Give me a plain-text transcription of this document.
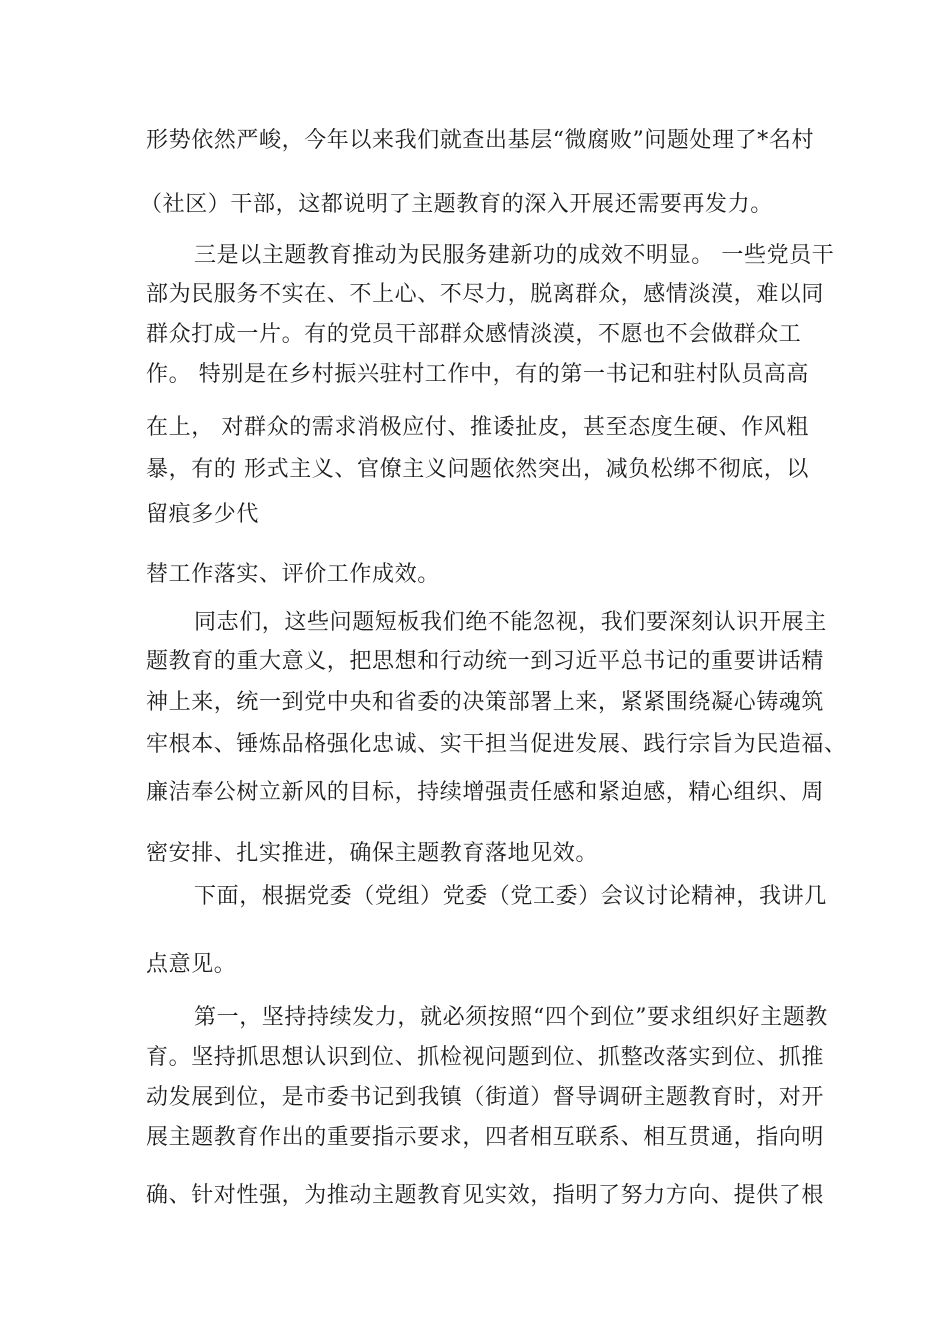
形势依然严峻，今年以来我们就查出基层“微腐败”问题处理了*名村
（社区）干部，这都说明了主题教育的深入开展还需要再发力。
三是以主题教育推动为民服务建新功的成效不明显。 一些党员干
部为民服务不实在、不上心、不尽力，脱离群众，感情淡漠，难以同
群众打成一片。有的党员干部群众感情淡漠，不愿也不会做群众工
作。 特别是在乡村振兴驻村工作中，有的第一书记和驻村队员高高
在上， 对群众的需求消极应付、推诿扯皮，甚至态度生硬、作风粗
暴，有的 形式主义、官僚主义问题依然突出，减负松绑不彻底，以
留痕多少代
替工作落实、评价工作成效。
同志们，这些问题短板我们绝不能忽视，我们要深刻认识开展主
题教育的重大意义，把思想和行动统一到习近平总书记的重要讲话精
神上来，统一到党中央和省委的决策部署上来，紧紧围绕凝心铸魂筑
牢根本、锤炼品格强化忠诚、实干担当促进发展、践行宗旨为民造福、
廉洁奉公树立新风的目标，持续增强责任感和紧迫感，精心组织、周
密安排、扎实推进，确保主题教育落地见效。
下面，根据党委（党组）党委（党工委）会议讨论精神，我讲几
点意见。
第一，坚持持续发力，就必须按照“四个到位”要求组织好主题教
育。坚持抓思想认识到位、抓检视问题到位、抓整改落实到位、抓推
动发展到位，是市委书记到我镇（街道）督导调研主题教育时，对开
展主题教育作出的重要指示要求，四者相互联系、相互贯通，指向明
确、针对性强，为推动主题教育见实效，指明了努力方向、提供了根
